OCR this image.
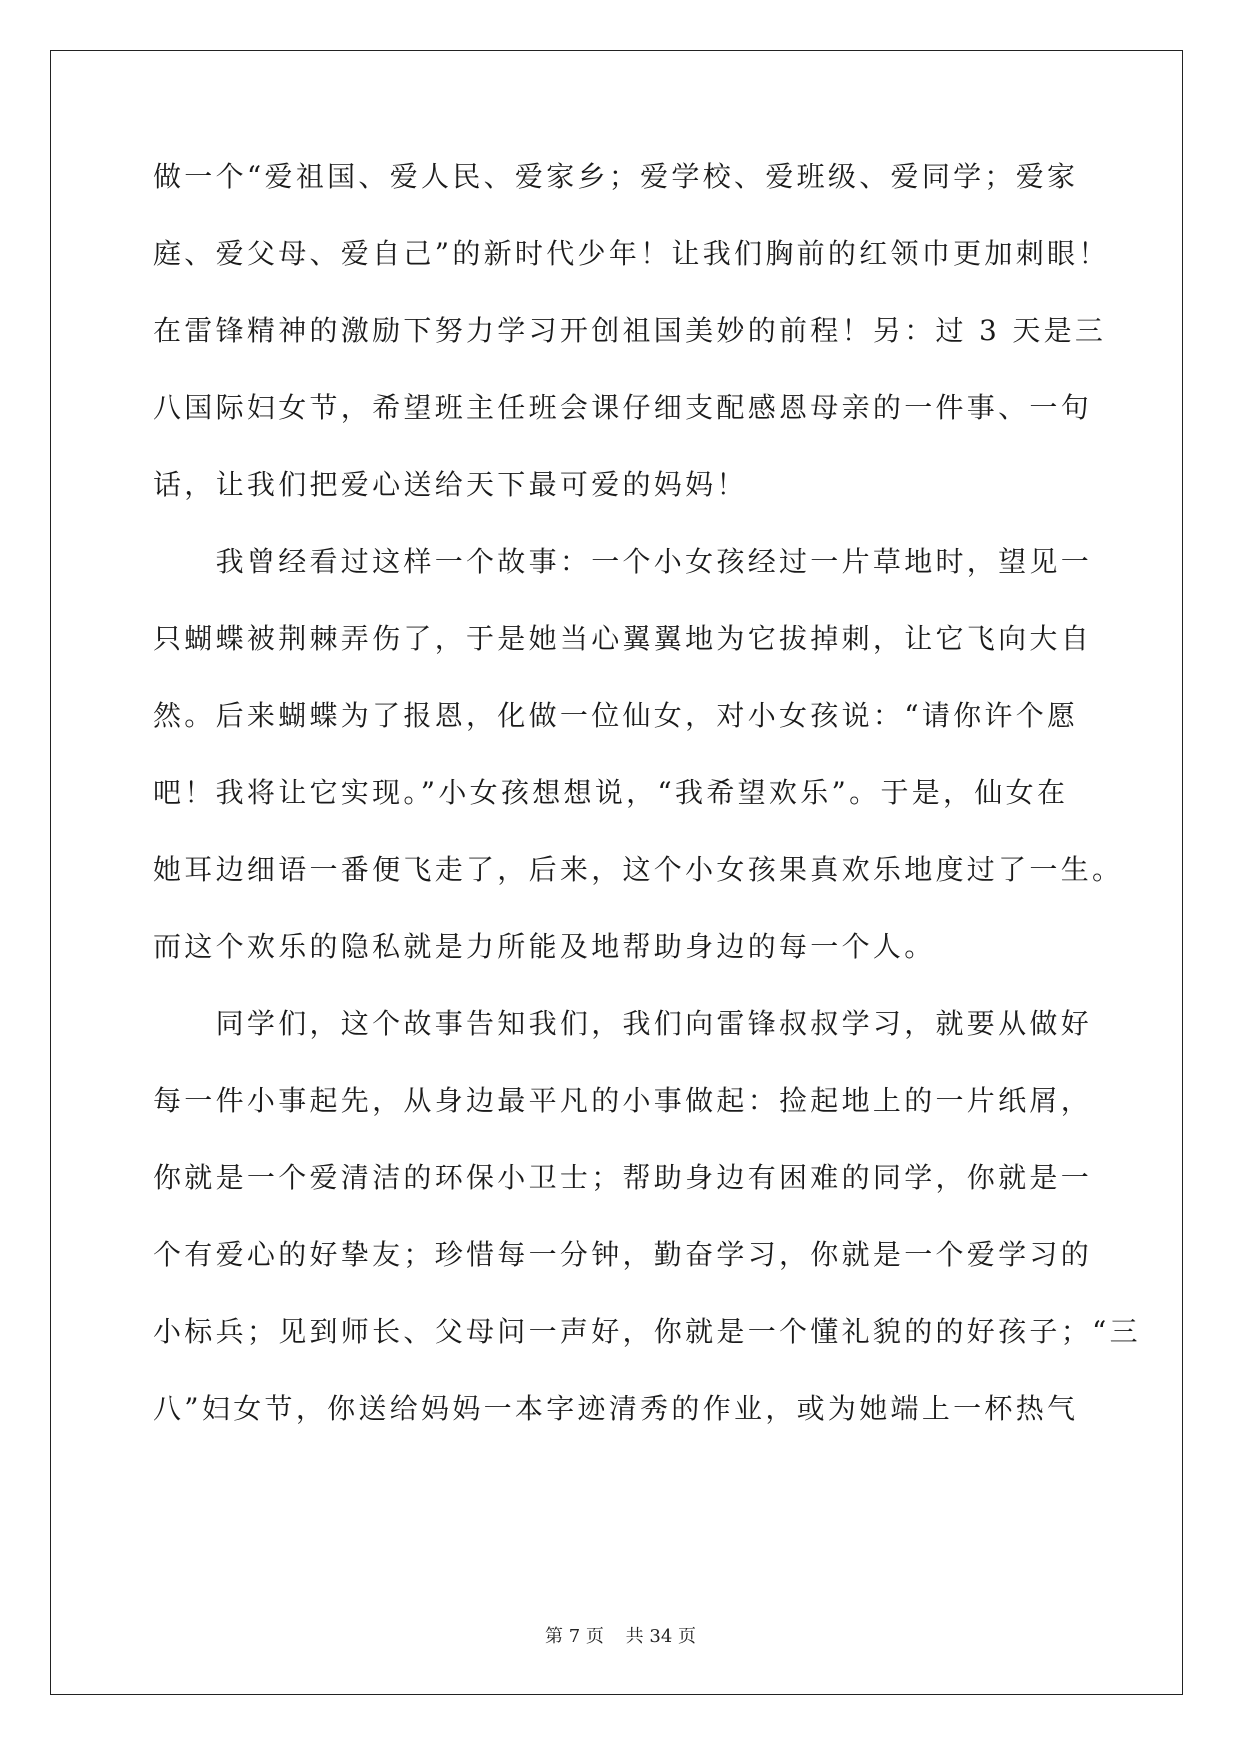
做一个“爱祖国、爱人民、爱家乡；爱学校、爱班级、爱同学；爱家
庭、爱父母、爱自己”的新时代少年！让我们胸前的红领巾更加刺眼！
在雷锋精神的激励下努力学习开创祖国美妙的前程！另：过 3 天是三
八国际妇女节，希望班主任班会课仔细支配感恩母亲的一件事、一句
话，让我们把爱心送给天下最可爱的妈妈！
　　我曾经看过这样一个故事：一个小女孩经过一片草地时，望见一
只蝴蝶被荆棘弄伤了，于是她当心翼翼地为它拔掉刺，让它飞向大自
然。后来蝴蝶为了报恩，化做一位仙女，对小女孩说：“请你许个愿
吧！我将让它实现。”小女孩想想说，“我希望欢乐”。于是，仙女在
她耳边细语一番便飞走了，后来，这个小女孩果真欢乐地度过了一生。
而这个欢乐的隐私就是力所能及地帮助身边的每一个人。
　　同学们，这个故事告知我们，我们向雷锋叔叔学习，就要从做好
每一件小事起先，从身边最平凡的小事做起：捡起地上的一片纸屑，
你就是一个爱清洁的环保小卫士；帮助身边有困难的同学，你就是一
个有爱心的好挚友；珍惜每一分钟，勤奋学习，你就是一个爱学习的
小标兵；见到师长、父母问一声好，你就是一个懂礼貌的的好孩子；“三
八”妇女节，你送给妈妈一本字迹清秀的作业，或为她端上一杯热气
第 7 页 共 34 页
